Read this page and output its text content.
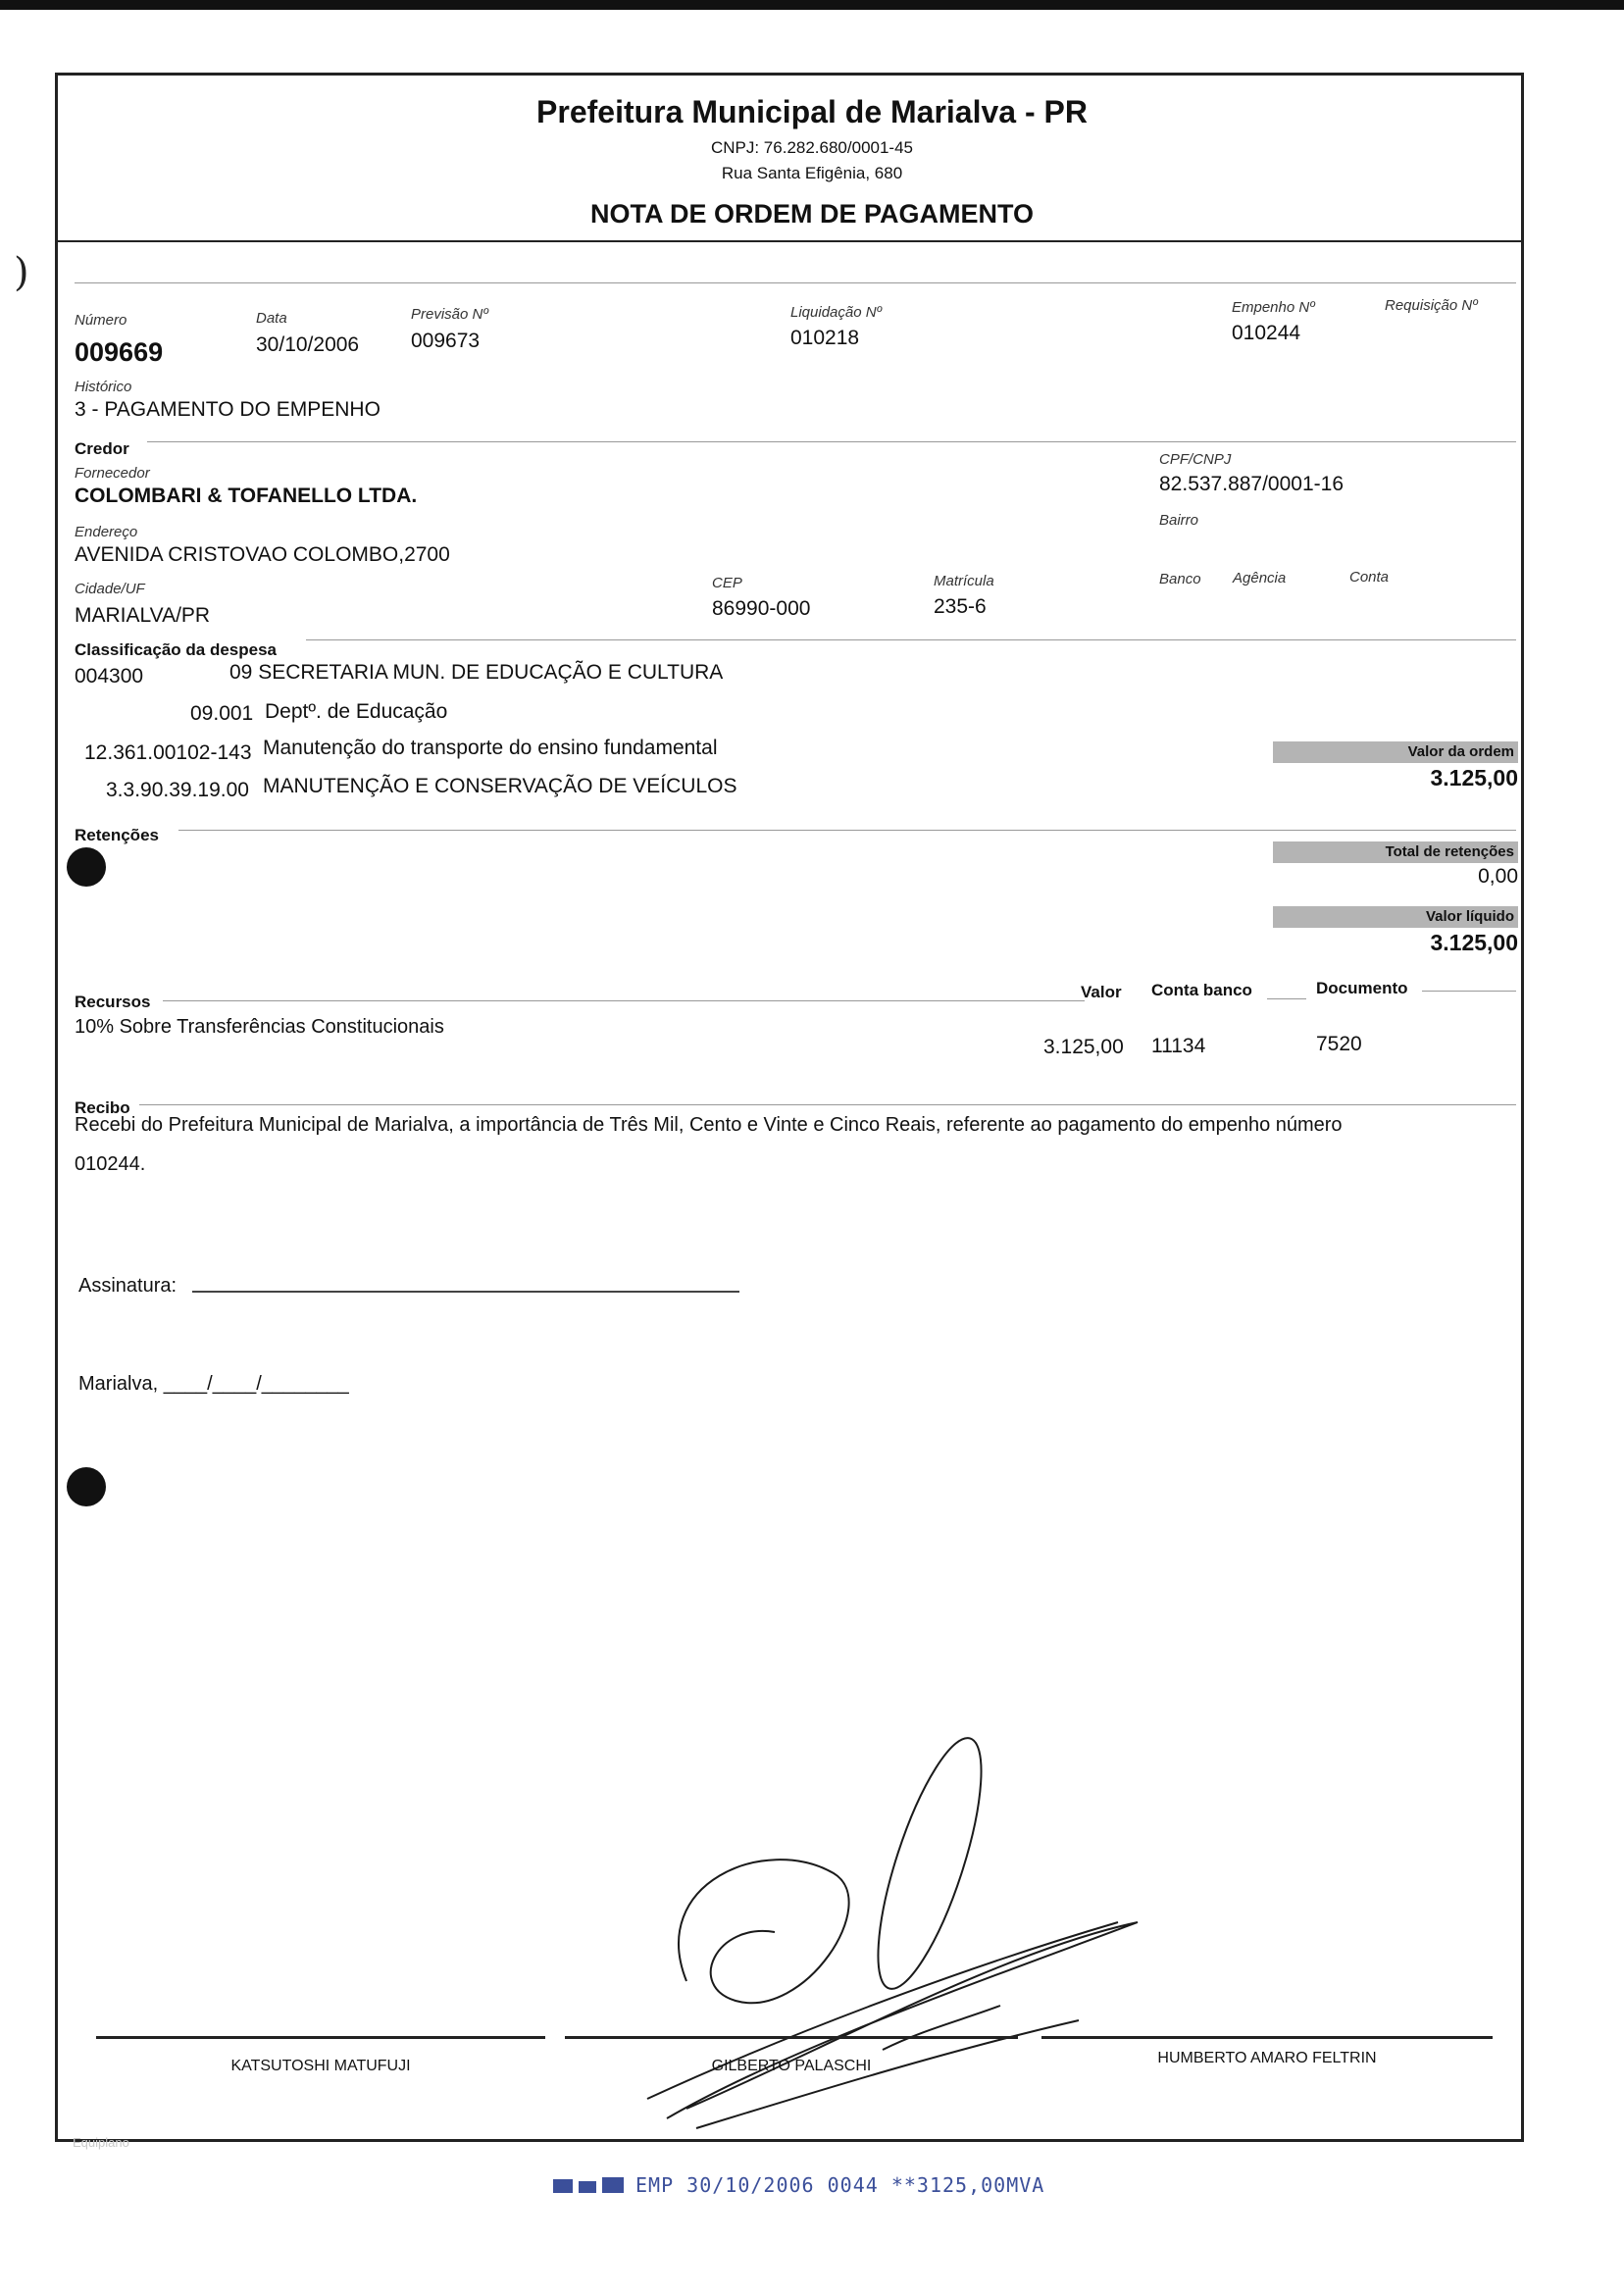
)
Prefeitura Municipal de Marialva - PR
CNPJ: 76.282.680/0001-45
Rua Santa Efigênia, 680
NOTA DE ORDEM DE PAGAMENTO
Número
009669
Data
30/10/2006
Previsão Nº
009673
Liquidação Nº
010218
Empenho Nº
010244
Requisição Nº
Histórico
3 - PAGAMENTO DO EMPENHO
Credor
Fornecedor
COLOMBARI & TOFANELLO LTDA.
CPF/CNPJ
82.537.887/0001-16
Bairro
Endereço
AVENIDA CRISTOVAO COLOMBO,2700
Cidade/UF
MARIALVA/PR
CEP
86990-000
Matrícula
235-6
Banco Agência	Conta
Classificação da despesa
004300	09 SECRETARIA MUN. DE EDUCAÇÃO E CULTURA
09.001 Deptº. de Educação
12.361.00102-143 Manutenção do transporte do ensino fundamental
3.3.90.39.19.00 MANUTENÇÃO E CONSERVAÇÃO DE VEÍCULOS
Valor da ordem
3.125,00
Retenções
Total de retenções
0,00
Valor líquido
3.125,00
Recursos
Valor Conta banco	Documento
10% Sobre Transferências Constitucionais
3.125,00 11134	7520
Recibo
Recebi do Prefeitura Municipal de Marialva, a importância de Três Mil, Cento e Vinte e Cinco Reais, referente ao pagamento do empenho número
010244.
Assinatura:
Marialva, ____/____/________
KATSUTOSHI MATUFUJI	GILBERTO PALASCHI	HUMBERTO AMARO FELTRIN
Equiplano
EMP 30/10/2006 0044 **3125,00MVA
